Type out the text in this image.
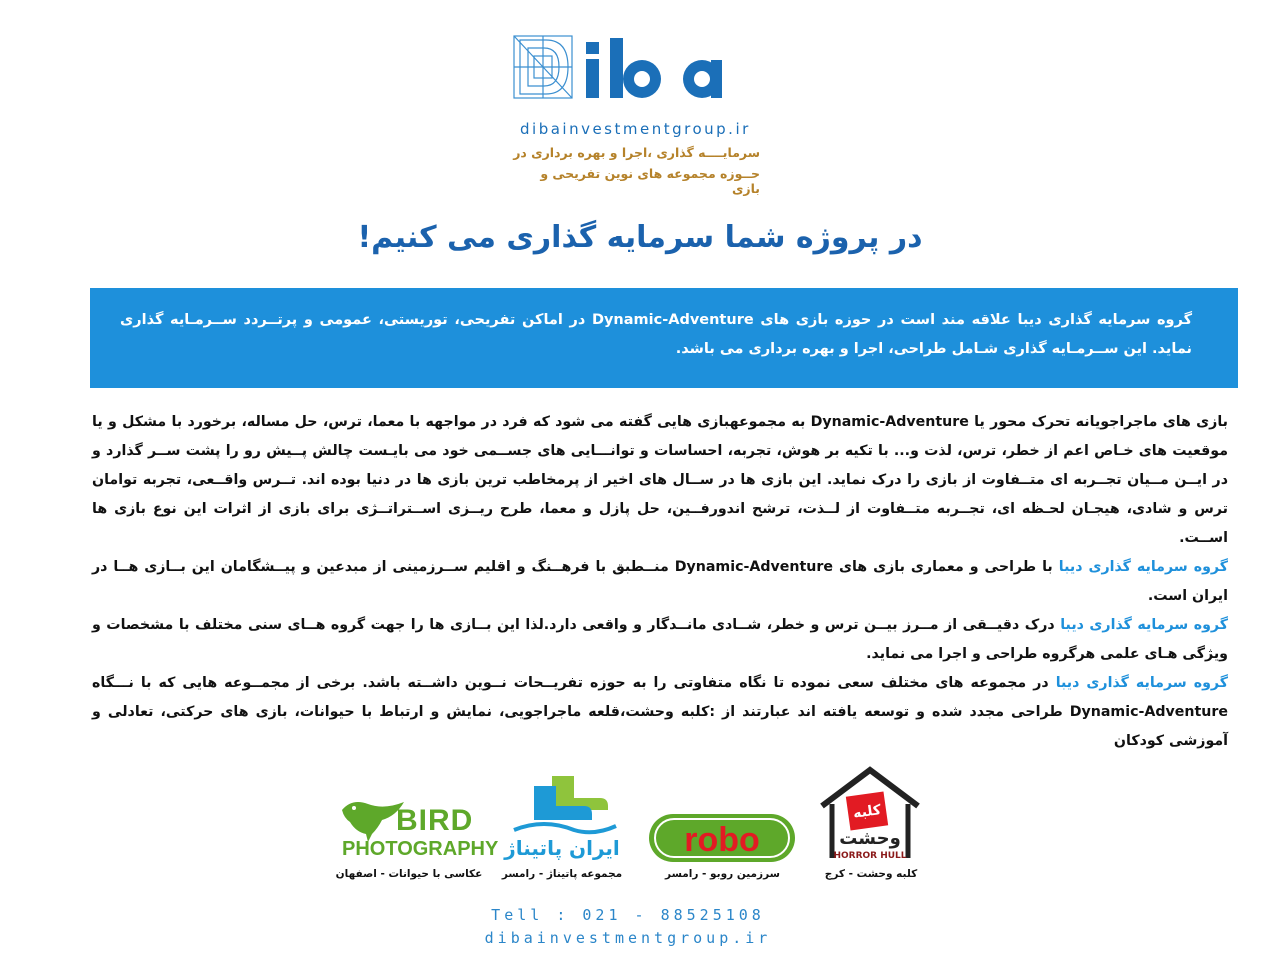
dibainvestmentgroup.ir
سرمایــــه گذاری ،اجرا و بهره برداری در
حــوزه مجموعه های نوین تفریحی و بازی
در پروژه شما سرمایه گذاری می کنیم!
گروه سرمایه گذاری دیبا علاقه مند است در حوزه بازی های Dynamic-Adventure در اماکن تفریحی، توریستی، عمومی و پرتــردد ســرمـایه گذاری نماید. این ســرمـایه گذاری شـامل طراحی، اجرا و بهره برداری می باشد.

بازی های ماجراجویانه تحرک محور یا Dynamic-Adventure به مجموعهبازی هایی گفته می شود که فرد در مواجهه با معما، ترس، حل مساله، برخورد با مشکل و یا موقعیت های خـاص اعم از خطر، ترس، لذت و... با تکیه بر هوش، تجربه، احساسات و توانـــایی های جســمی خود می بایـست چالش پــیش رو را پشت ســر گذارد و در ایــن مــیان تجــربه ای متــفاوت از بازی را درک نماید. این بازی ها در ســال های اخیر از پرمخاطب ترین بازی ها در دنیا بوده اند. تــرس واقــعی، تجربه توامان ترس و شادی، هیجـان لحـظه ای، تجــربه متــفاوت از لــذت، ترشح اندورفــین، حل پازل و معما، طرح ریــزی اســتراتــژی برای بازی از اثرات این نوع بازی ها اســت.

گروه سرمایه گذاری دیبا با طراحی و معماری بازی های Dynamic-Adventure منــطبق با فرهــنگ و اقلیم ســرزمینی از مبدعین و پیــشگامان این بــازی هــا در ایران است.

گروه سرمایه گذاری دیبا درک دقیــقی از مــرز بیــن ترس و خطر، شــادی مانــدگار و واقعی دارد.لذا این بــازی ها را جهت گروه هــای سنی مختلف با مشخصات و ویژگی هـای علمی هرگروه طراحی و اجرا می نماید.

گروه سرمایه گذاری دیبا در مجموعه های مختلف سعی نموده تا نگاه متفاوتی را به حوزه تفریــحات نــوین داشــته باشد. برخی از مجمــوعه هایی که با نـــگاه Dynamic-Adventure طراحی مجدد شده و توسعه یافته اند عبارتند از :کلبه وحشت،قلعه ماجراجویی، نمایش و ارتباط با حیوانات، بازی های حرکتی، تعادلی و آموزشی کودکان

BIRD
PHOTOGRAPHY
عکاسی با حیوانات - اصفهان
ایران پاتیناژ
مجموعه پاتیناژ - رامسر
robo
سرزمین روبو - رامسر
کلبه
وحشت
HORROR HULL
کلبه وحشت - کرج
Tell : 021 - 88525108
dibainvestmentgroup.ir
